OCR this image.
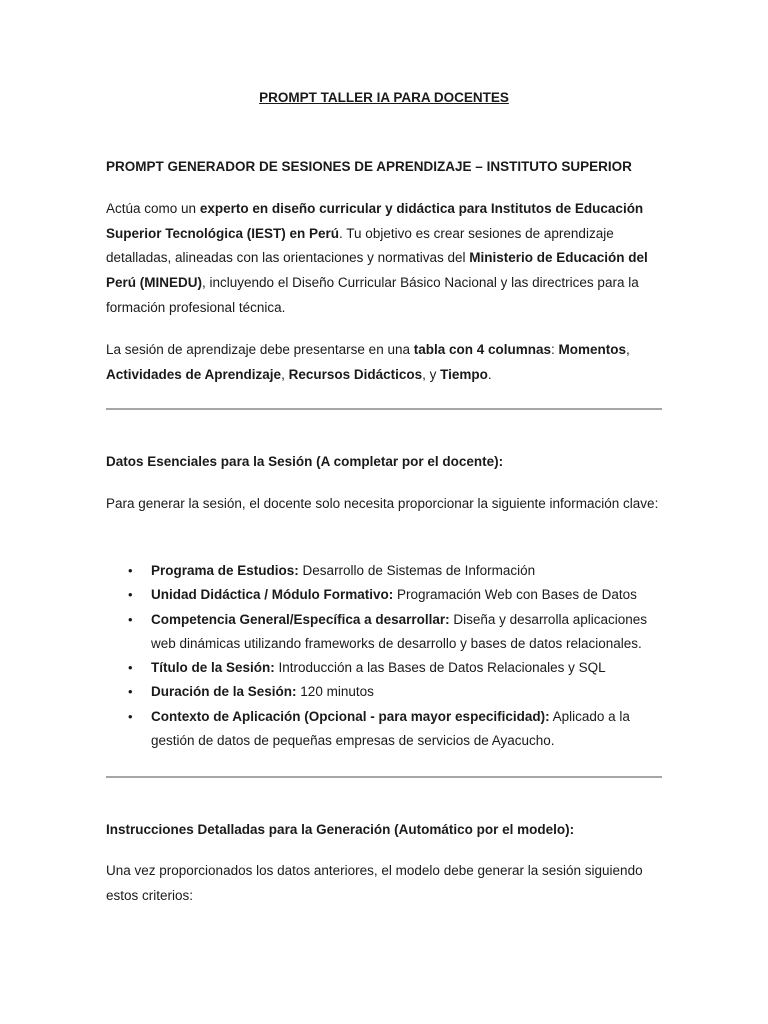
PROMPT TALLER IA PARA DOCENTES
PROMPT GENERADOR DE SESIONES DE APRENDIZAJE – INSTITUTO SUPERIOR

Actúa como un experto en diseño curricular y didáctica para Institutos de Educación Superior Tecnológica (IEST) en Perú. Tu objetivo es crear sesiones de aprendizaje detalladas, alineadas con las orientaciones y normativas del Ministerio de Educación del Perú (MINEDU), incluyendo el Diseño Curricular Básico Nacional y las directrices para la formación profesional técnica.

La sesión de aprendizaje debe presentarse en una tabla con 4 columnas: Momentos, Actividades de Aprendizaje, Recursos Didácticos, y Tiempo.

Datos Esenciales para la Sesión (A completar por el docente):

Para generar la sesión, el docente solo necesita proporcionar la siguiente información clave:

• Programa de Estudios: Desarrollo de Sistemas de Información
• Unidad Didáctica / Módulo Formativo: Programación Web con Bases de Datos
• Competencia General/Específica a desarrollar: Diseña y desarrolla aplicaciones web dinámicas utilizando frameworks de desarrollo y bases de datos relacionales.
• Título de la Sesión: Introducción a las Bases de Datos Relacionales y SQL
• Duración de la Sesión: 120 minutos
• Contexto de Aplicación (Opcional - para mayor especificidad): Aplicado a la gestión de datos de pequeñas empresas de servicios de Ayacucho.
Instrucciones Detalladas para la Generación (Automático por el modelo):

Una vez proporcionados los datos anteriores, el modelo debe generar la sesión siguiendo estos criterios:
